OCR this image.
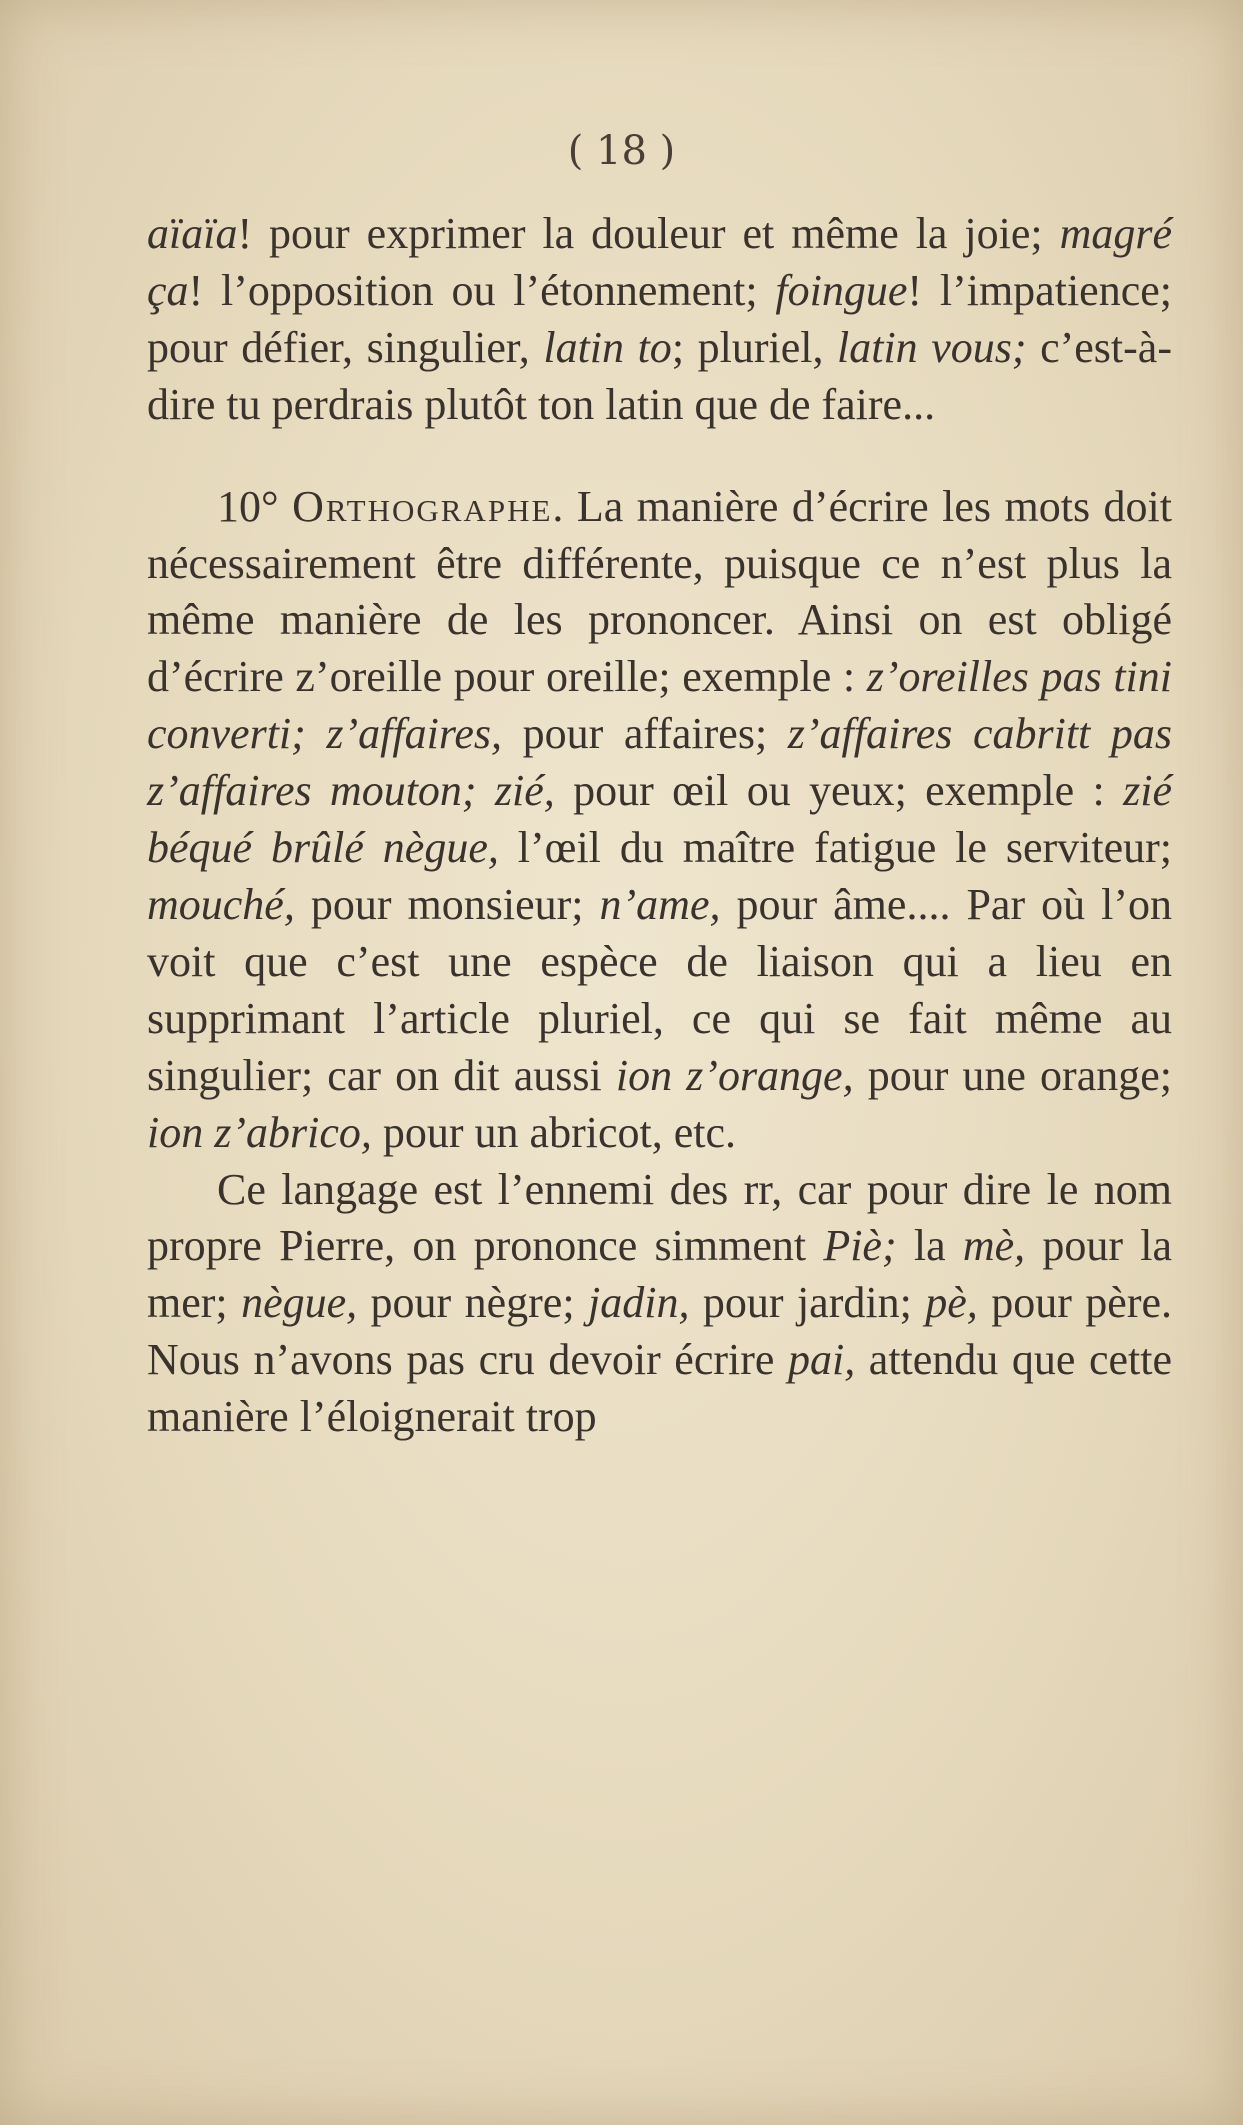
( 18 )

aïaïa! pour exprimer la douleur et même la joie; magré ça! l’opposition ou l’étonnement; foingue! l’impatience; pour défier, singulier, latin to; pluriel, latin vous; c’est-à-dire tu perdrais plutôt ton latin que de faire...

10° Orthographe. La manière d’écrire les mots doit nécessairement être différente, puisque ce n’est plus la même manière de les prononcer. Ainsi on est obligé d’écrire z’oreille pour oreille; exemple : z’oreilles pas tini converti; z’affaires, pour affaires; z’affaires cabritt pas z’affaires mouton; zié, pour œil ou yeux; exemple : zié béqué brûlé nègue, l’œil du maître fatigue le serviteur; mouché, pour monsieur; n’ame, pour âme.... Par où l’on voit que c’est une espèce de liaison qui a lieu en supprimant l’article pluriel, ce qui se fait même au singulier; car on dit aussi ion z’orange, pour une orange; ion z’abrico, pour un abricot, etc.

Ce langage est l’ennemi des rr, car pour dire le nom propre Pierre, on prononce simment Piè; la mè, pour la mer; nègue, pour nègre; jadin, pour jardin; pè, pour père. Nous n’avons pas cru devoir écrire pai, attendu que cette manière l’éloignerait trop
